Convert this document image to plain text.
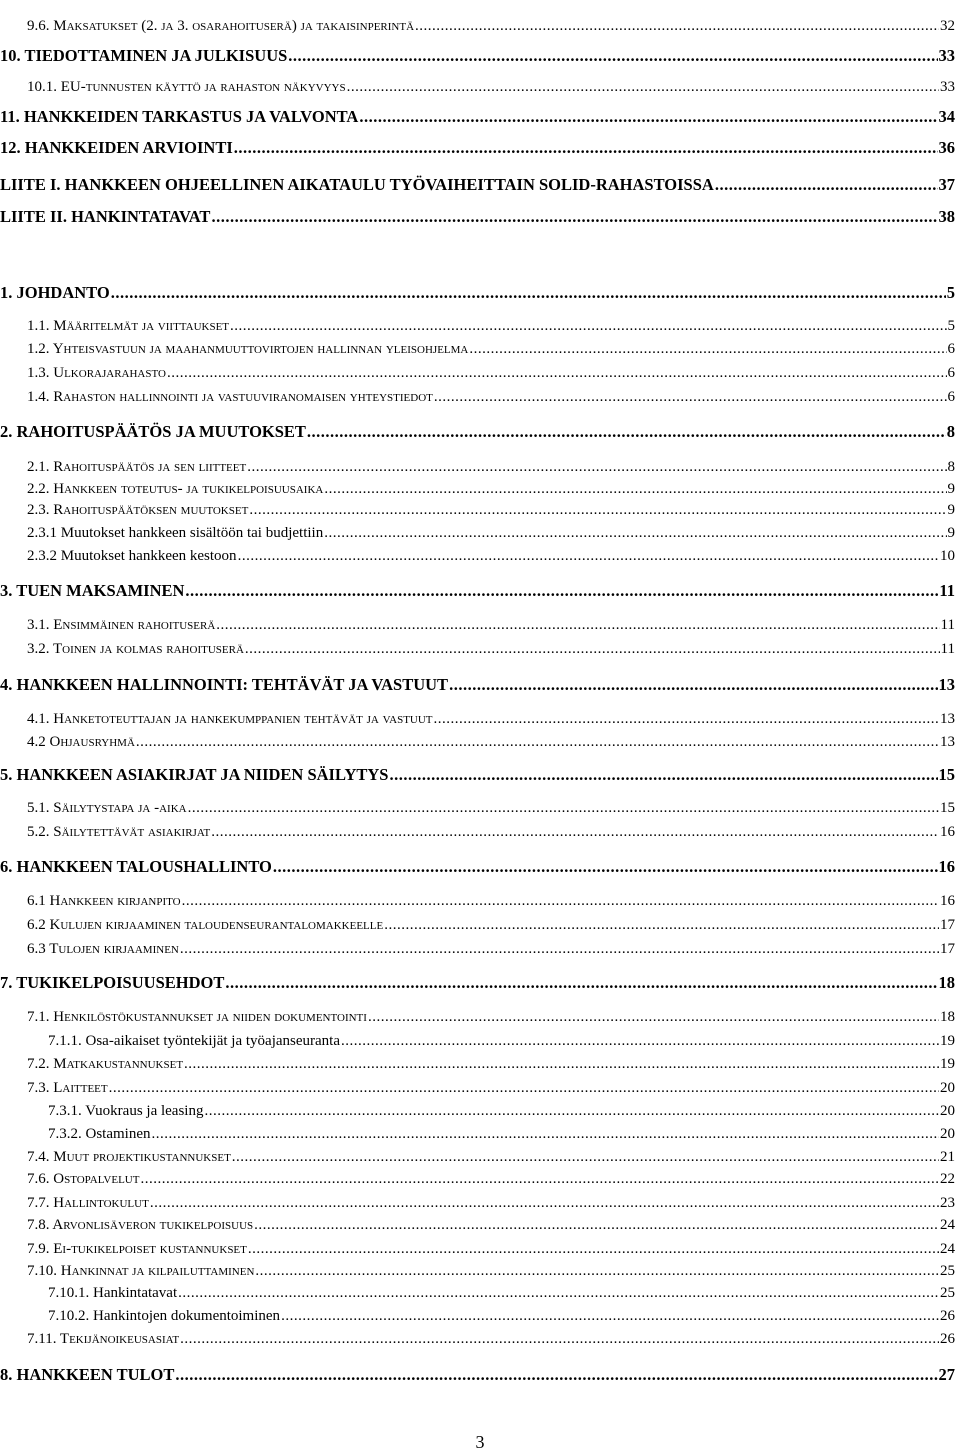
9.6. Maksatukset (2. ja 3. osarahoituserä) ja takaisinperintä .....	32
10. TIEDOTTAMINEN JA JULKISUUS .....	33
10.1. EU-tunnusten käyttö ja rahaston näkyvyys .....	33
11. HANKKEIDEN TARKASTUS JA VALVONTA .....	34
12. HANKKEIDEN ARVIOINTI .....	36
LIITE I. HANKKEEN OHJEELLINEN AIKATAULU TYÖVAIHEITTAIN SOLID-RAHASTOISSA .....	37
LIITE II. HANKINTATAVAT .....	38
1. JOHDANTO .....	5
1.1. Määritelmät ja viittaukset .....	5
1.2. Yhteisvastuun ja maahanmuuttovirtojen hallinnan yleisohjelma .....	6
1.3. Ulkorajarahasto .....	6
1.4. Rahaston hallinnointi ja vastuuviranomaisen yhteystiedot .....	6
2. RAHOITUSPÄÄTÖS JA MUUTOKSET .....	8
2.1. Rahoituspäätös ja sen liitteet .....	8
2.2. Hankkeen toteutus- ja tukikelpoisuusaika .....	9
2.3. Rahoituspäätöksen muutokset .....	9
2.3.1 Muutokset hankkeen sisältöön tai budjettiin .....	9
2.3.2 Muutokset hankkeen kestoon .....	10
3. TUEN MAKSAMINEN .....	11
3.1. Ensimmäinen rahoituserä .....	11
3.2. Toinen ja kolmas rahoituserä .....	11
4. HANKKEEN HALLINNOINTI: TEHTÄVÄT JA VASTUUT .....	13
4.1. Hanketoteuttajan ja hankekumppanien tehtävät ja vastuut .....	13
4.2 Ohjausryhmä .....	13
5. HANKKEEN ASIAKIRJAT JA NIIDEN SÄILYTYS .....	15
5.1. Säilytystapa ja -aika .....	15
5.2. Säilytettävät asiakirjat .....	16
6. HANKKEEN TALOUSHALLINTO .....	16
6.1 Hankkeen kirjanpito .....	16
6.2 Kulujen kirjaaminen taloudenseurantalomakkeelle .....	17
6.3 Tulojen kirjaaminen .....	17
7. TUKIKELPOISUUSEHDOT .....	18
7.1. Henkilöstökustannukset ja niiden dokumentointi .....	18
7.1.1. Osa-aikaiset työntekijät ja työajanseuranta .....	19
7.2. Matkakustannukset .....	19
7.3. Laitteet .....	20
7.3.1. Vuokraus ja leasing .....	20
7.3.2. Ostaminen .....	20
7.4. Muut projektikustannukset .....	21
7.6. Ostopalvelut .....	22
7.7. Hallintokulut .....	23
7.8. Arvonlisäveron tukikelpoisuus .....	24
7.9. Ei-tukikelpoiset kustannukset .....	24
7.10. Hankinnat ja kilpailuttaminen .....	25
7.10.1. Hankintatavat .....	25
7.10.2. Hankintojen dokumentoiminen .....	26
7.11. Tekijänoikeusasiat .....	26
8. HANKKEEN TULOT .....	27
3
